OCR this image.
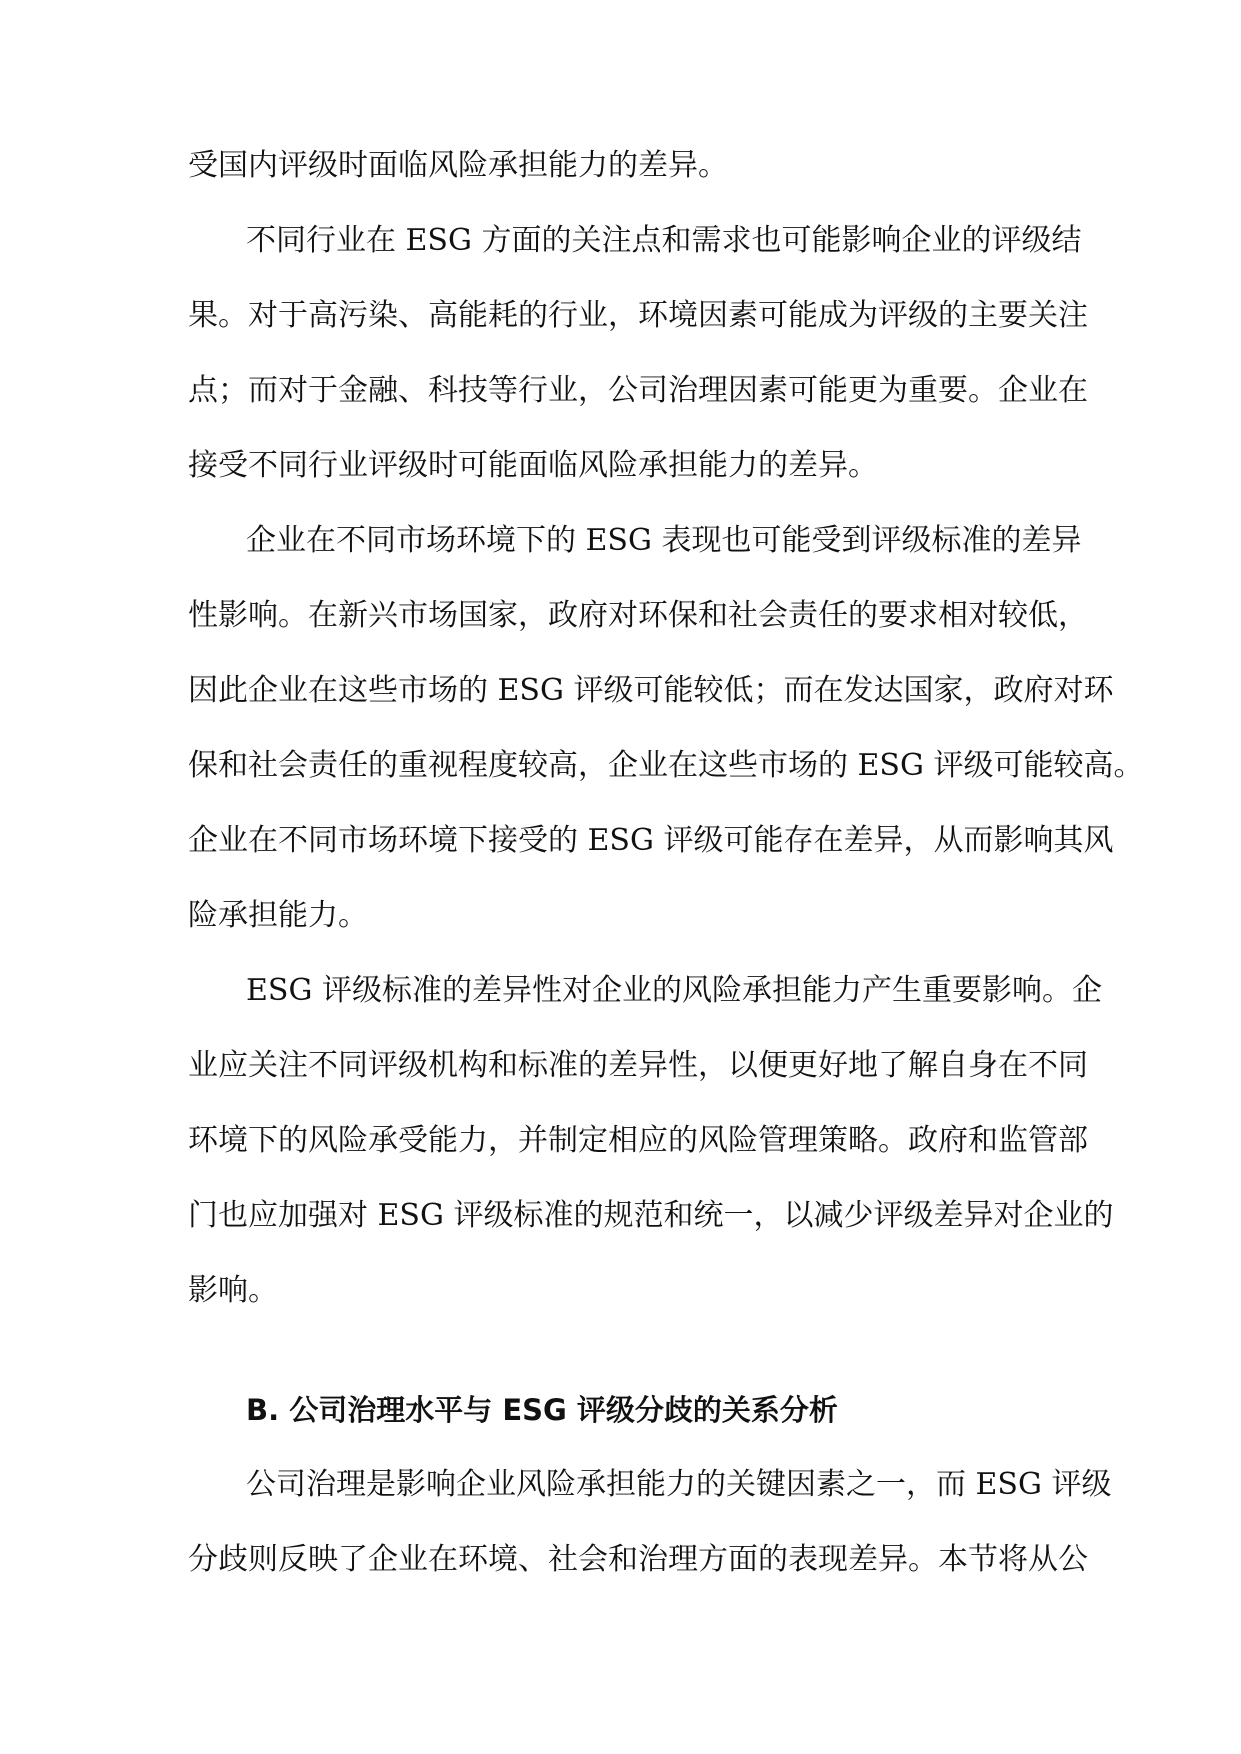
受国内评级时面临风险承担能力的差异。
不同行业在 ESG 方面的关注点和需求也可能影响企业的评级结
果。对于高污染、高能耗的行业，环境因素可能成为评级的主要关注
点；而对于金融、科技等行业，公司治理因素可能更为重要。企业在
接受不同行业评级时可能面临风险承担能力的差异。
企业在不同市场环境下的 ESG 表现也可能受到评级标准的差异
性影响。在新兴市场国家，政府对环保和社会责任的要求相对较低，
因此企业在这些市场的 ESG 评级可能较低；而在发达国家，政府对环
保和社会责任的重视程度较高，企业在这些市场的 ESG 评级可能较高。
企业在不同市场环境下接受的 ESG 评级可能存在差异，从而影响其风
险承担能力。
ESG 评级标准的差异性对企业的风险承担能力产生重要影响。企
业应关注不同评级机构和标准的差异性，以便更好地了解自身在不同
环境下的风险承受能力，并制定相应的风险管理策略。政府和监管部
门也应加强对 ESG 评级标准的规范和统一，以减少评级差异对企业的
影响。
B. 公司治理水平与 ESG 评级分歧的关系分析
公司治理是影响企业风险承担能力的关键因素之一，而 ESG 评级
分歧则反映了企业在环境、社会和治理方面的表现差异。本节将从公
